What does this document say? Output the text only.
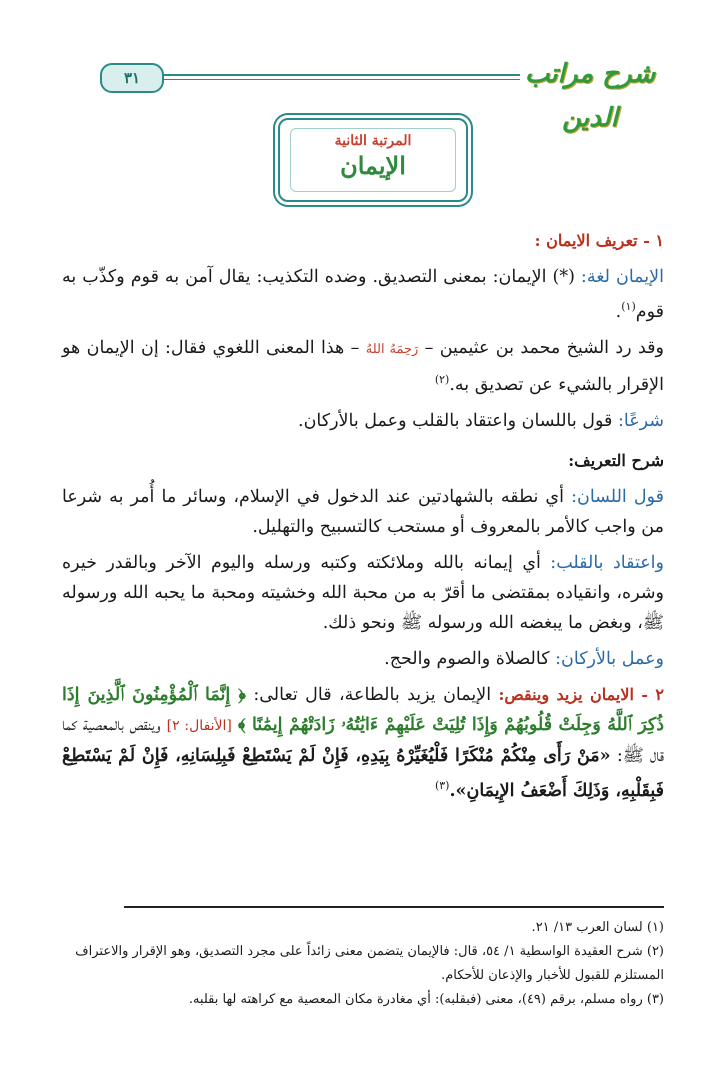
شرح مراتب الدين
٣١
المرتبة الثانية
الإيمان

١ - تعريف الايمان :

الإيمان لغة: (*) الإيمان: بمعنى التصديق. وضده التكذيب: يقال آمن به قوم وكذّب به قوم$^{(١)}$.

وقد رد الشيخ محمد بن عثيمين – رَحِمَهُ اللهُ – هذا المعنى اللغوي فقال: إن الإيمان هو الإقرار بالشيء عن تصديق به.$^{(٢)}$

شرعًا: قول باللسان واعتقاد بالقلب وعمل بالأركان.

شرح التعريف:

قول اللسان: أي نطقه بالشهادتين عند الدخول في الإسلام، وسائر ما أُمر به شرعا من واجب كالأمر بالمعروف أو مستحب كالتسبيح والتهليل.

واعتقاد بالقلب: أي إيمانه بالله وملائكته وكتبه ورسله واليوم الآخر وبالقدر خيره وشره، وانقياده بمقتضى ما أقرّ به من محبة الله وخشيته ومحبة ما يحبه الله ورسوله ﷺ، وبغض ما يبغضه الله ورسوله ﷺ ونحو ذلك.

وعمل بالأركان: كالصلاة والصوم والحج.

٢ - الايمان يزيد وينقص: الإيمان يزيد بالطاعة، قال تعالى: ﴿ إِنَّمَا ٱلْمُؤْمِنُونَ ٱلَّذِينَ إِذَا ذُكِرَ ٱللَّهُ وَجِلَتْ قُلُوبُهُمْ وَإِذَا تُلِيَتْ عَلَيْهِمْ ءَايَٰتُهُۥ زَادَتْهُمْ إِيمَٰنًا ﴾ [الأنفال: ٢] وينقص بالمعصية كما قال ﷺ: «مَنْ رَأَى مِنْكُمْ مُنْكَرًا فَلْيُغَيِّرْهُ بِيَدِهِ، فَإِنْ لَمْ يَسْتَطِعْ فَبِلِسَانِهِ، فَإِنْ لَمْ يَسْتَطِعْ فَبِقَلْبِهِ، وَذَلِكَ أَضْعَفُ الإِيمَانِ».$^{(٣)}$

(١) لسان العرب ١٣/ ٢١.
(٢) شرح العقيدة الواسطية ١/ ٥٤، قال: فالإيمان يتضمن معنى زائداً على مجرد التصديق، وهو الإقرار والاعتراف المستلزم للقبول للأخبار والإذعان للأحكام.
(٣) رواه مسلم، برقم (٤٩)، معنى (فبقلبه): أي مغادرة مكان المعصية مع كراهته لها بقلبه.
